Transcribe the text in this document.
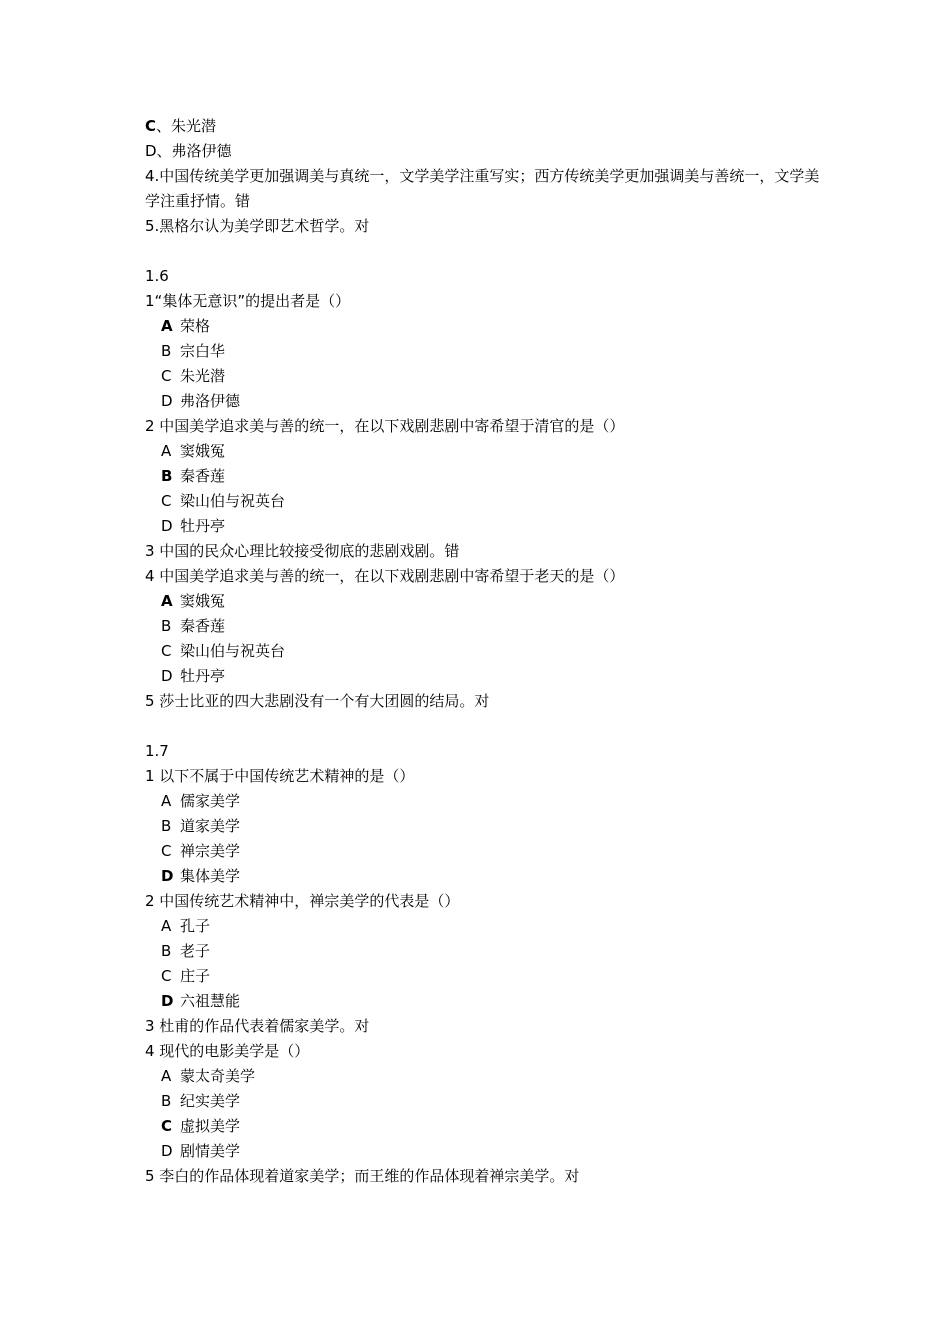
C、朱光潜
D、弗洛伊德
4.中国传统美学更加强调美与真统一，文学美学注重写实；西方传统美学更加强调美与善统一，文学美学注重抒情。错
5.黑格尔认为美学即艺术哲学。对
1.6
1“集体无意识”的提出者是（）
A 荣格
B 宗白华
C 朱光潜
D 弗洛伊德
2 中国美学追求美与善的统一，在以下戏剧悲剧中寄希望于清官的是（）
A 窦娥冤
B 秦香莲
C 梁山伯与祝英台
D 牡丹亭
3 中国的民众心理比较接受彻底的悲剧戏剧。错
4 中国美学追求美与善的统一，在以下戏剧悲剧中寄希望于老天的是（）
A 窦娥冤
B 秦香莲
C 梁山伯与祝英台
D 牡丹亭
5 莎士比亚的四大悲剧没有一个有大团圆的结局。对
1.7
1 以下不属于中国传统艺术精神的是（）
A 儒家美学
B 道家美学
C 禅宗美学
D 集体美学
2 中国传统艺术精神中，禅宗美学的代表是（）
A 孔子
B 老子
C 庄子
D 六祖慧能
3 杜甫的作品代表着儒家美学。对
4 现代的电影美学是（）
A 蒙太奇美学
B 纪实美学
C 虚拟美学
D 剧情美学
5 李白的作品体现着道家美学；而王维的作品体现着禅宗美学。对
